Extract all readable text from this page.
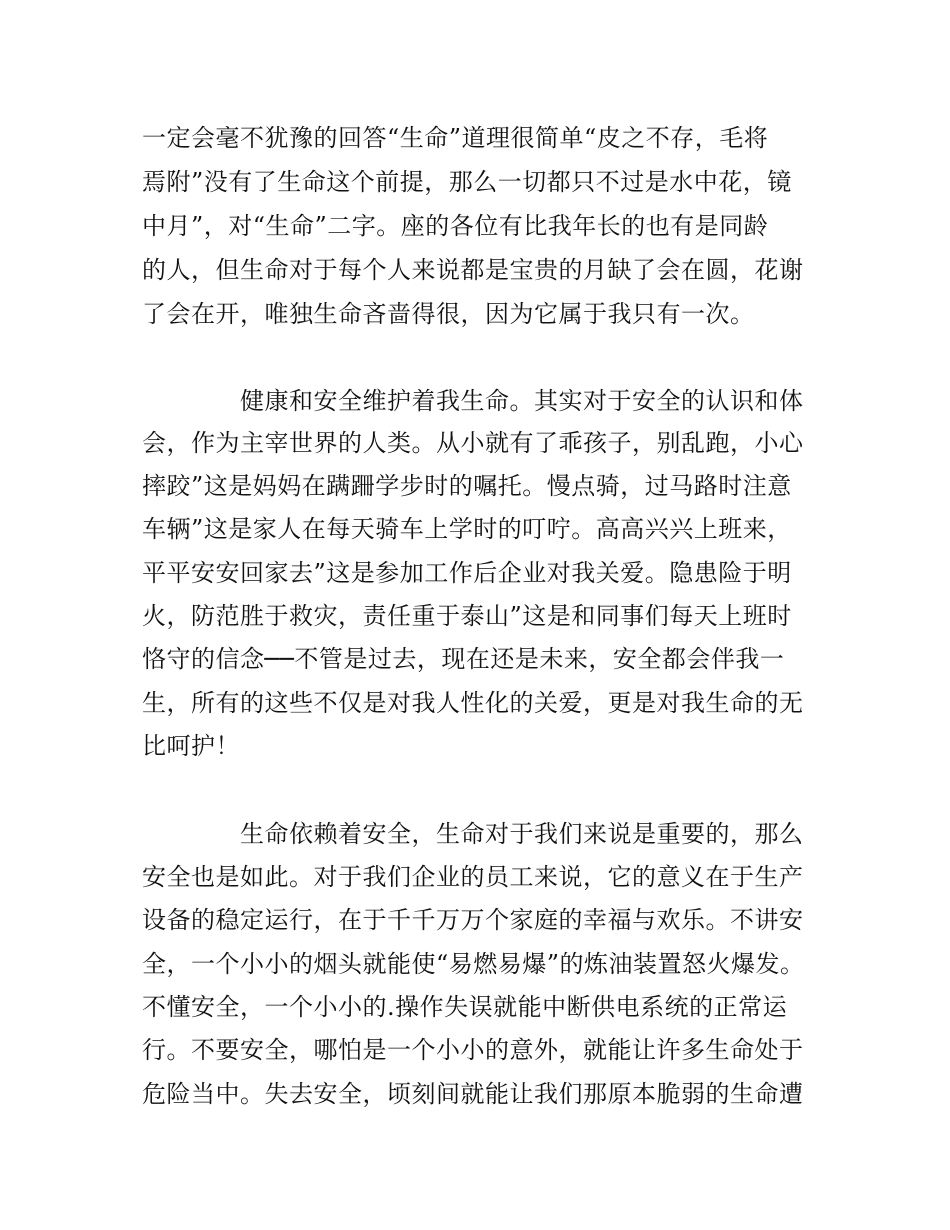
一定会毫不犹豫的回答“生命”道理很简单“皮之不存，毛将
焉附”没有了生命这个前提，那么一切都只不过是水中花，镜
中月”，对“生命”二字。座的各位有比我年长的也有是同龄
的人，但生命对于每个人来说都是宝贵的月缺了会在圆，花谢
了会在开，唯独生命吝啬得很，因为它属于我只有一次。
健康和安全维护着我生命。其实对于安全的认识和体
会，作为主宰世界的人类。从小就有了乖孩子，别乱跑，小心
摔跤”这是妈妈在蹒跚学步时的嘱托。慢点骑，过马路时注意
车辆”这是家人在每天骑车上学时的叮咛。高高兴兴上班来，
平平安安回家去”这是参加工作后企业对我关爱。隐患险于明
火，防范胜于救灾，责任重于泰山”这是和同事们每天上班时
恪守的信念──不管是过去，现在还是未来，安全都会伴我一
生，所有的这些不仅是对我人性化的关爱，更是对我生命的无
比呵护！
生命依赖着安全，生命对于我们来说是重要的，那么
安全也是如此。对于我们企业的员工来说，它的意义在于生产
设备的稳定运行，在于千千万万个家庭的幸福与欢乐。不讲安
全，一个小小的烟头就能使“易燃易爆”的炼油装置怒火爆发。
不懂安全，一个小小的.操作失误就能中断供电系统的正常运
行。不要安全，哪怕是一个小小的意外，就能让许多生命处于
危险当中。失去安全，顷刻间就能让我们那原本脆弱的生命遭
